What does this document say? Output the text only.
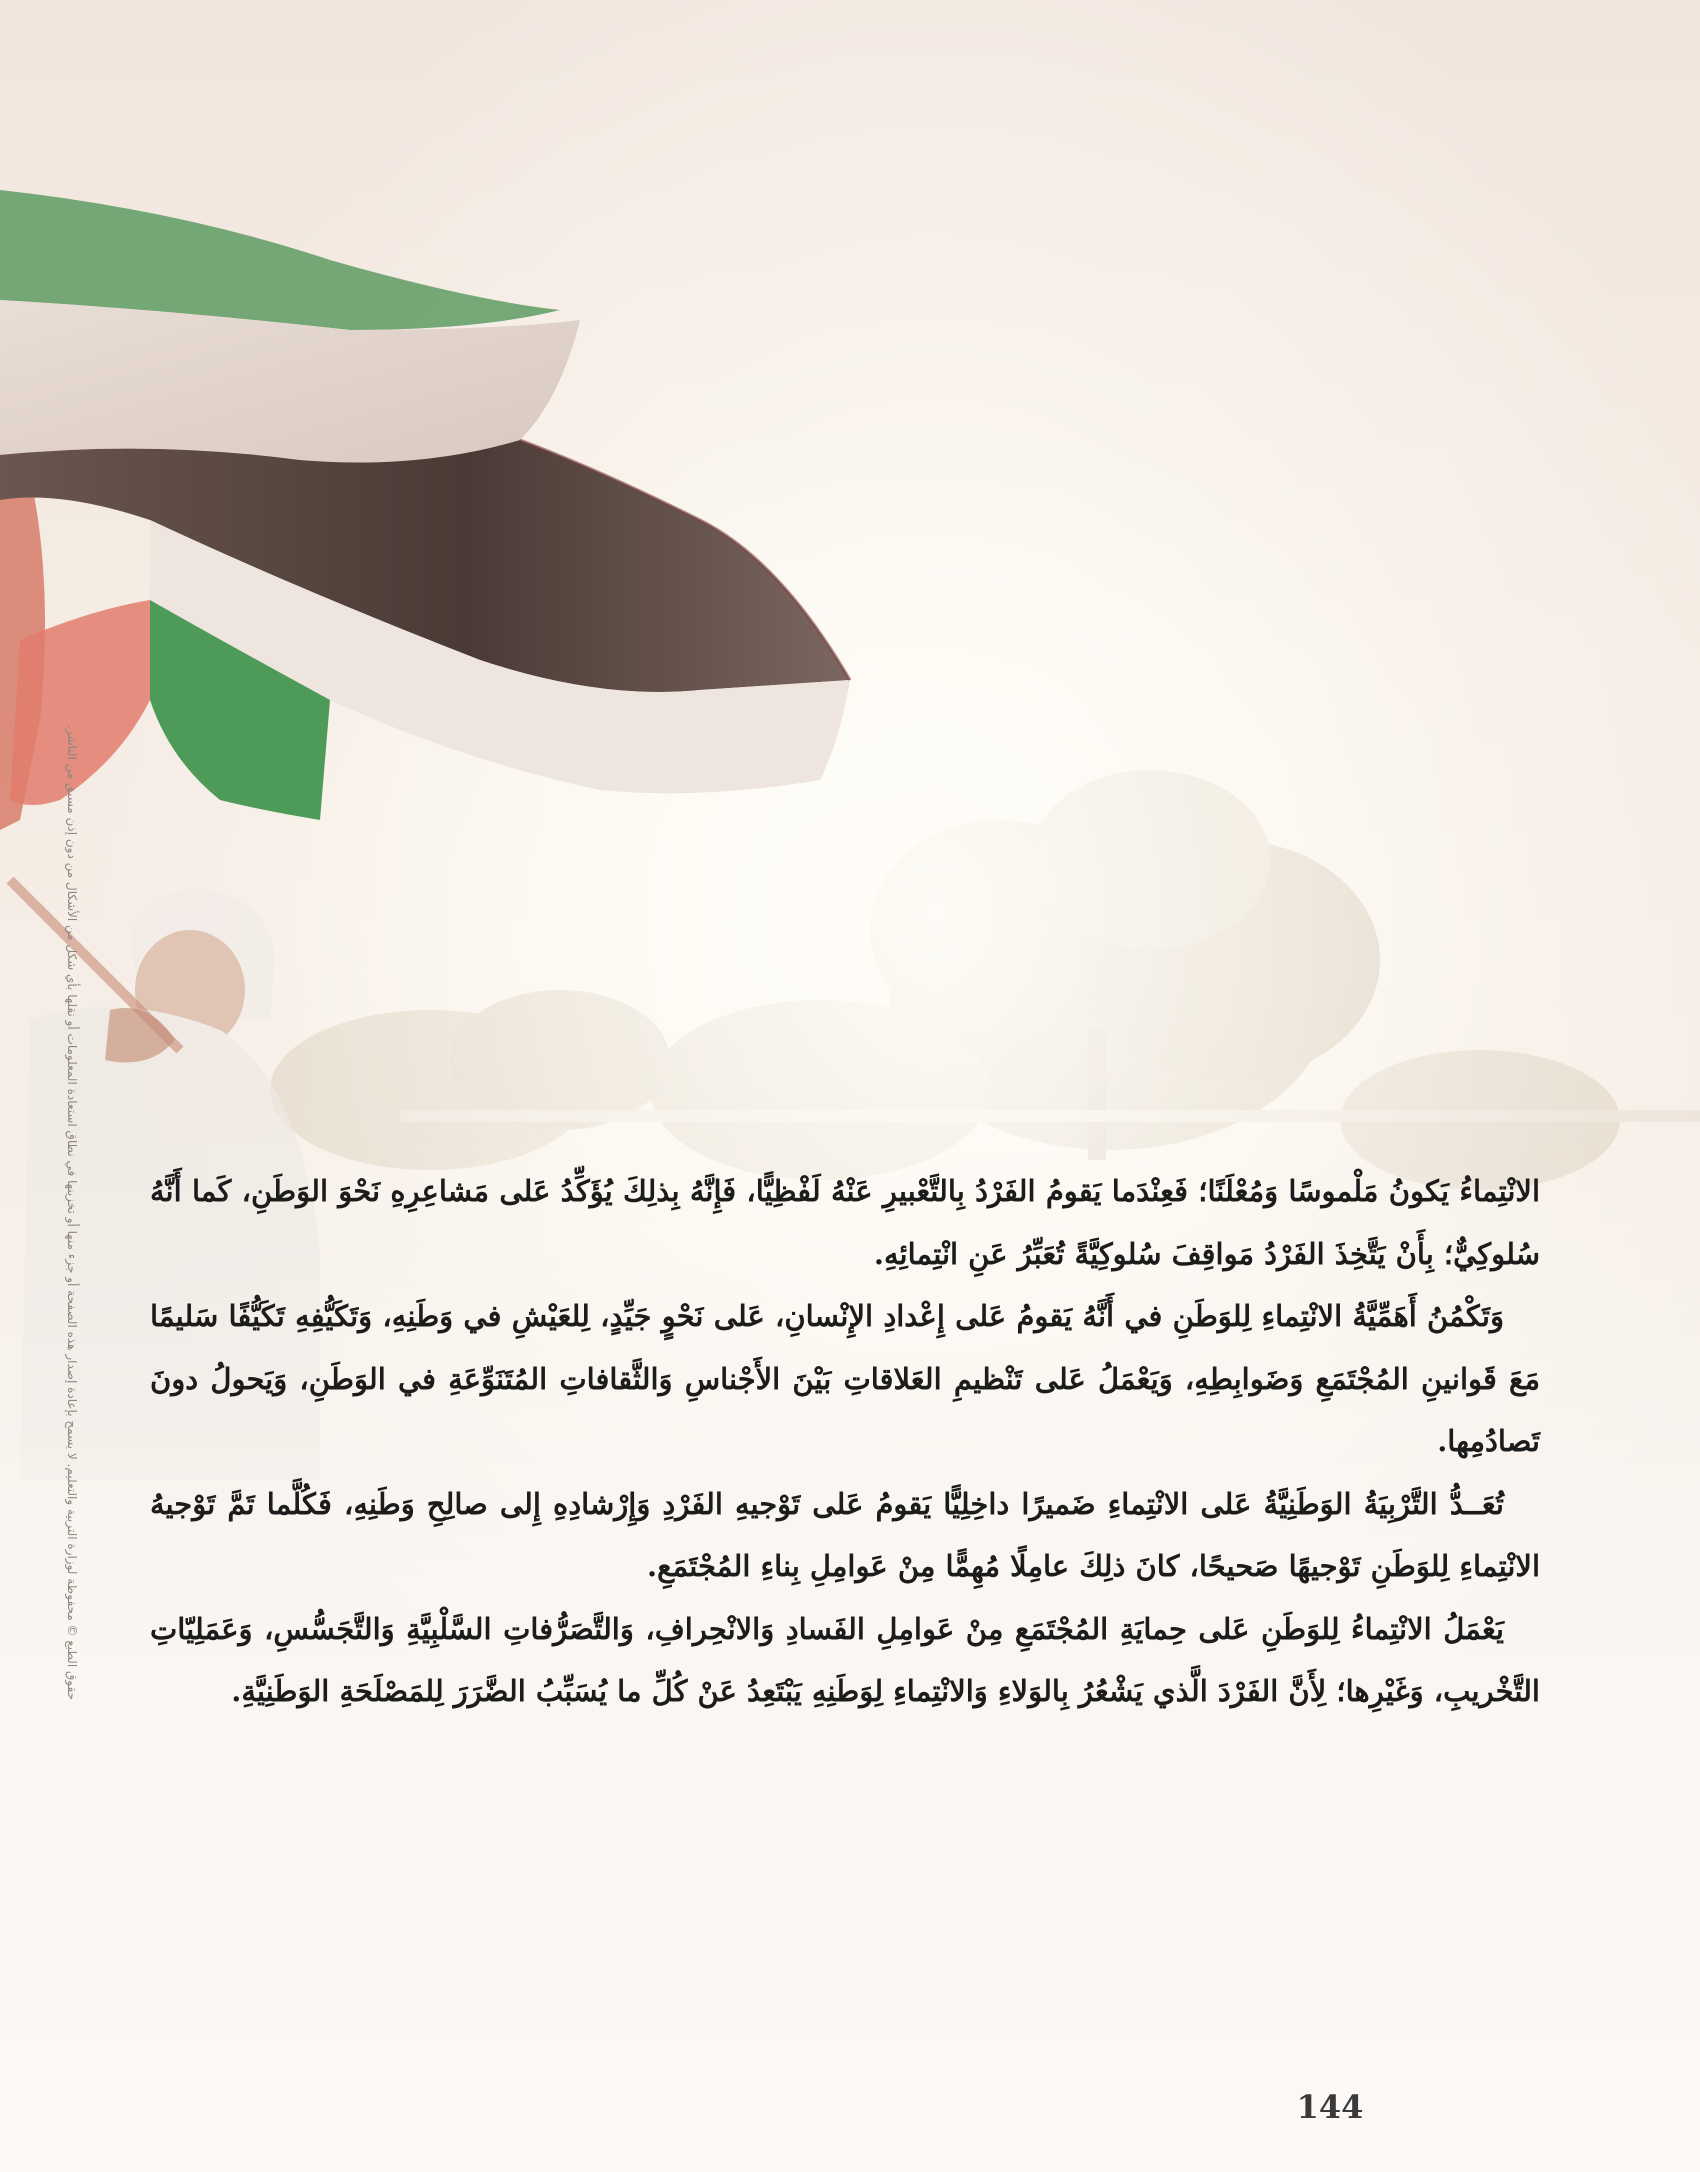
حقوق الطبع © محفوظة لوزارة التربية والتعليم. لا يسمح بإعادة إصدار هذه الصفحة أو جزء منها أو تخزينها في نطاق استعادة المعلومات أو نقلها بأي شكل من الأشكال من دون إذن مسبق من الناشر. الانْتِماءُ يَكونُ مَلْموسًا وَمُعْلَنًا؛ فَعِنْدَما يَقومُ الفَرْدُ بِالتَّعْبيرِ عَنْهُ لَفْظِيًّا، فَإِنَّهُ بِذلِكَ يُؤَكِّدُ عَلى مَشاعِرِهِ نَحْوَ الوَطَنِ، كَما أَنَّهُ سُلوكِيٌّ؛ بِأَنْ يَتَّخِذَ الفَرْدُ مَواقِفَ سُلوكِيَّةً تُعَبِّرُ عَنِ انْتِمائِهِ.

وَتَكْمُنُ أَهَمِّيَّةُ الانْتِماءِ لِلوَطَنِ في أَنَّهُ يَقومُ عَلى إِعْدادِ الإِنْسانِ، عَلى نَحْوٍ جَيِّدٍ، لِلعَيْشِ في وَطَنِهِ، وَتَكَيُّفِهِ تَكَيُّفًا سَليمًا مَعَ قَوانينِ المُجْتَمَعِ وَضَوابِطِهِ، وَيَعْمَلُ عَلى تَنْظيمِ العَلاقاتِ بَيْنَ الأَجْناسِ وَالثَّقافاتِ المُتَنَوِّعَةِ في الوَطَنِ، وَيَحولُ دونَ تَصادُمِها.

تُعَــدُّ التَّرْبِيَةُ الوَطَنِيَّةُ عَلى الانْتِماءِ ضَميرًا داخِلِيًّا يَقومُ عَلى تَوْجيهِ الفَرْدِ وَإِرْشادِهِ إِلى صالِحِ وَطَنِهِ، فَكُلَّما تَمَّ تَوْجيهُ الانْتِماءِ لِلوَطَنِ تَوْجيهًا صَحيحًا، كانَ ذلِكَ عامِلًا مُهِمًّا مِنْ عَوامِلِ بِناءِ المُجْتَمَعِ.

يَعْمَلُ الانْتِماءُ لِلوَطَنِ عَلى حِمايَةِ المُجْتَمَعِ مِنْ عَوامِلِ الفَسادِ وَالانْحِرافِ، وَالتَّصَرُّفاتِ السَّلْبِيَّةِ وَالتَّجَسُّسِ، وَعَمَلِيّاتِ التَّخْريبِ، وَغَيْرِها؛ لِأَنَّ الفَرْدَ الَّذي يَشْعُرُ بِالوَلاءِ وَالانْتِماءِ لِوَطَنِهِ يَبْتَعِدُ عَنْ كُلِّ ما يُسَبِّبُ الضَّرَرَ لِلمَصْلَحَةِ الوَطَنِيَّةِ.

144
